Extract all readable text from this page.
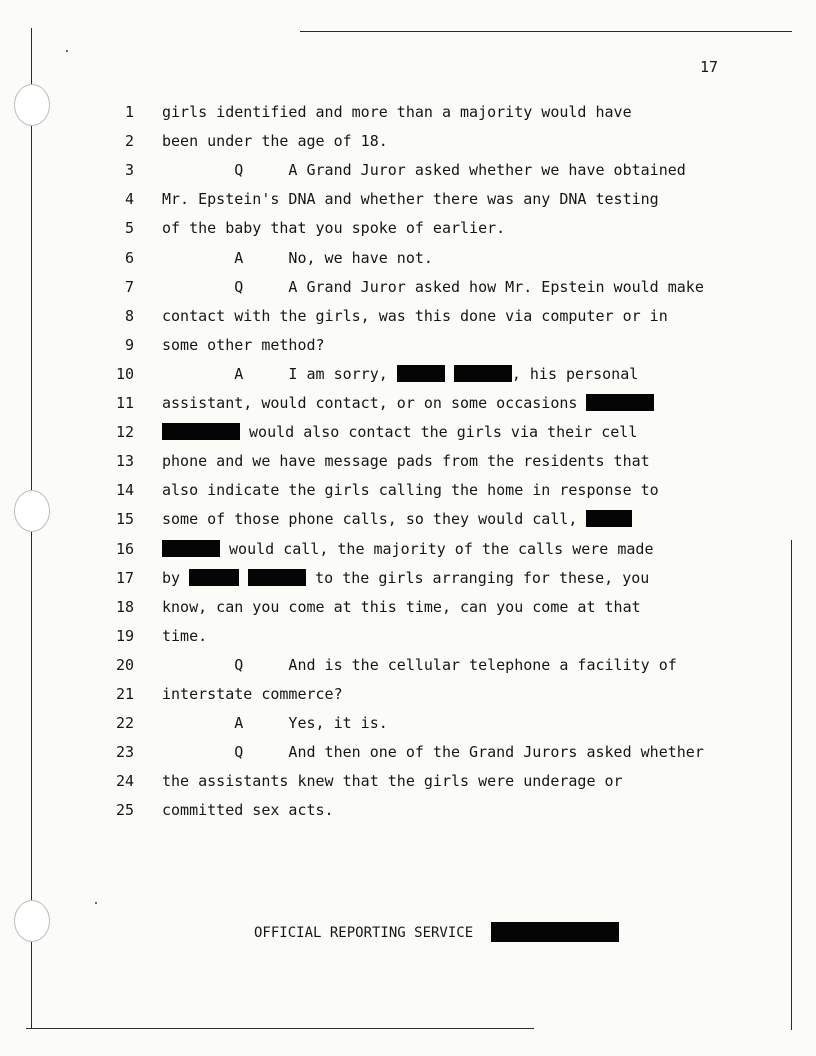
17
1 girls identified and more than a majority would have
2 been under the age of 18.
3 Q     A Grand Juror asked whether we have obtained
4 Mr. Epstein's DNA and whether there was any DNA testing
5 of the baby that you spoke of earlier.
6 A     No, we have not.
7 Q     A Grand Juror asked how Mr. Epstein would make
8 contact with the girls, was this done via computer or in
9 some other method?
10 A     I am sorry,	, his personal
11 assistant, would contact, or on some occasions
12	would also contact the girls via their cell
13 phone and we have message pads from the residents that
14 also indicate the girls calling the home in response to
15 some of those phone calls, so they would call,
16	would call, the majority of the calls were made
17 by	to the girls arranging for these, you
18 know, can you come at this time, can you come at that
19 time.
20 Q     And is the cellular telephone a facility of
21 interstate commerce?
22 A     Yes, it is.
23 Q     And then one of the Grand Jurors asked whether
24 the assistants knew that the girls were underage or
25 committed sex acts.
OFFICIAL REPORTING SERVICE
